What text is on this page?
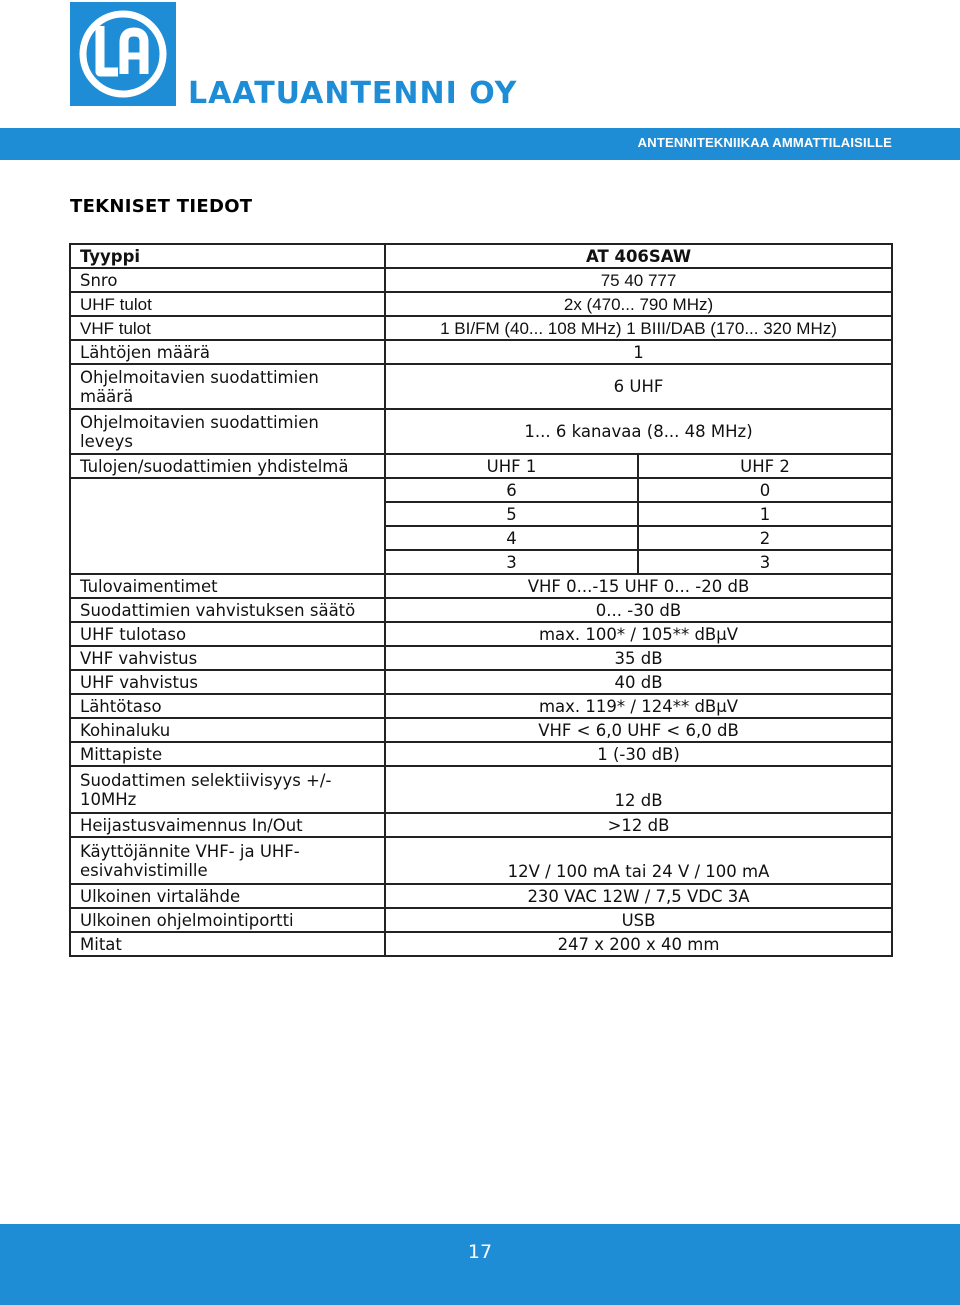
LAATUANTENNI OY
ANTENNITEKNIIKAA AMMATTILAISILLE
TEKNISET TIEDOT
Tyyppi	AT 406SAW	
Snro	75 40 777	
UHF tulot	2x (470... 790 MHz)	
VHF tulot	1 BI/FM (40... 108 MHz) 1 BIII/DAB (170... 320 MHz)	
Lähtöjen määrä	1	
Ohjelmoitavien suodattimien määrä	6 UHF	
Ohjelmoitavien suodattimien leveys	1... 6 kanavaa (8... 48 MHz)	
Tulojen/suodattimien yhdistelmä	UHF 1	UHF 2
	6	0
	5	1
	4	2
	3	3
Tulovaimentimet	VHF 0...-15 UHF 0... -20 dB	
Suodattimien vahvistuksen säätö	0... -30 dB	
UHF tulotaso	max. 100* / 105** dBµV	
VHF vahvistus	35 dB	
UHF vahvistus	40 dB	
Lähtötaso	max. 119* / 124** dBµV	
Kohinaluku	VHF < 6,0 UHF < 6,0 dB	
Mittapiste	1 (-30 dB)	
Suodattimen selektiivisyys +/- 10MHz	12 dB	
Heijastusvaimennus In/Out	>12 dB	
Käyttöjännite VHF- ja UHF-esivahvistimille	12V / 100 mA tai 24 V / 100 mA	
Ulkoinen virtalähde	230 VAC 12W / 7,5 VDC 3A	
Ulkoinen ohjelmointiportti	USB	
Mitat	247 x 200 x 40 mm	
17
